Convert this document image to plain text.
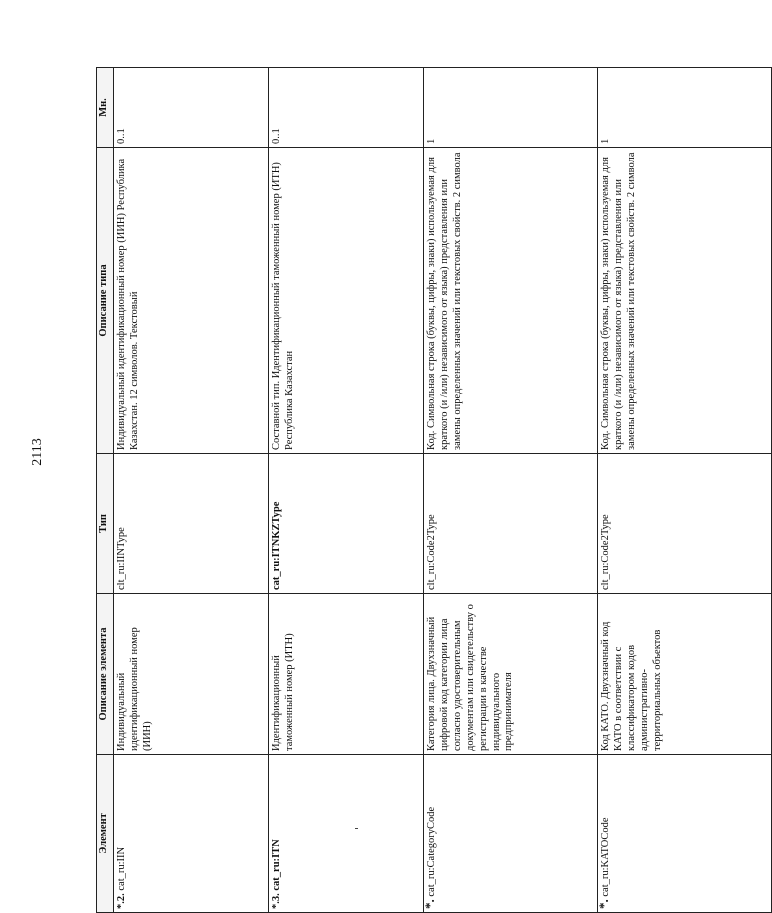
2113
Элемент	Описание элемента	Тип	Описание типа	Мн.

*.2. cat_ru:IIN	Индивидуальный идентификационный номер (ИИН)	clt_ru:IINType	Индивидуальный идентификационный номер (ИИН) Республика Казахстан. 12 символов. Текстовый	0..1

*.3. cat_ru:ITN	Идентификационный таможенный номер (ИТН)	cat_ru:ITNKZType	Составной тип. Идентификационный таможенный номер (ИТН) Республика Казахстан	0..1

*. cat_ru:CategoryCode	Категория лица. Двухзначный цифровой код категории лица согласно удостоверительным документам или свидетельству о регистрации в качестве индивидуального предпринимателя	clt_ru:Code2Type	Код. Символьная строка (буквы, цифры, знаки) используемая для краткого (и /или) независимого от языка) представления или замены определенных значений или текстовых свойств. 2 символа	1

*. cat_ru:KATOCode	Код КАТО. Двухзначный код КАТО в соответствии с классификатором кодов административно-территориальных объектов	clt_ru:Code2Type	Код. Символьная строка (буквы, цифры, знаки) используемая для краткого (и /или) независимого от языка) представления или замены определенных значений или текстовых свойств. 2 символа	1
